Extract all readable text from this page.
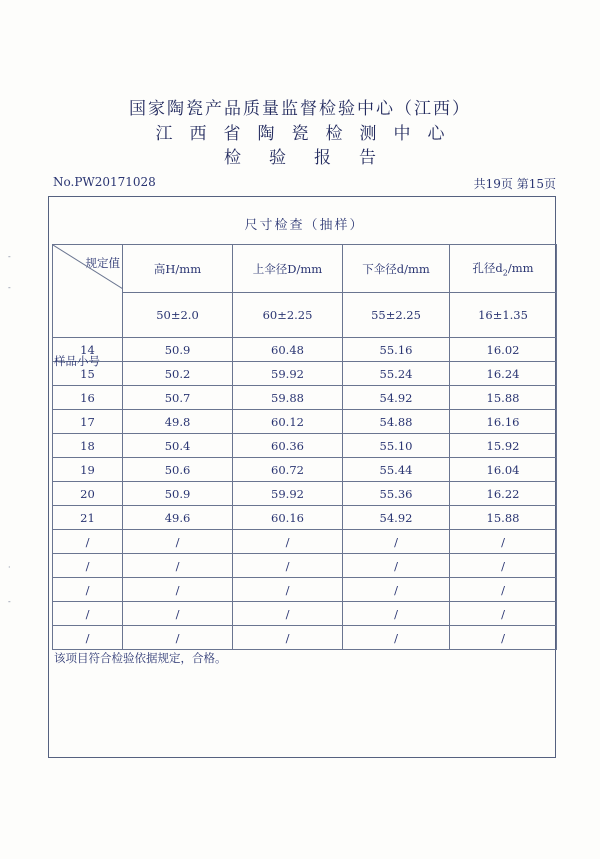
国家陶瓷产品质量监督检验中心（江西）
江西省陶瓷检测中心
检验报告
No.PW20171028	共19页 第15页
-
-
·
-
尺寸检查（抽样）				

规定值
样品小号	高H/mm	上伞径D/mm	下伞径d/mm	孔径$d_2/mm$
	50±2.0	60±2.25	55±2.25	16±1.35
14	50.9	60.48	55.16	16.02
15	50.2	59.92	55.24	16.24
16	50.7	59.88	54.92	15.88
17	49.8	60.12	54.88	16.16
18	50.4	60.36	55.10	15.92
19	50.6	60.72	55.44	16.04
20	50.9	59.92	55.36	16.22
21	49.6	60.16	54.92	15.88
/	/	/	/	/
/	/	/	/	/
/	/	/	/	/
/	/	/	/	/
/	/	/	/	/
该项目符合检验依据规定，合格。
